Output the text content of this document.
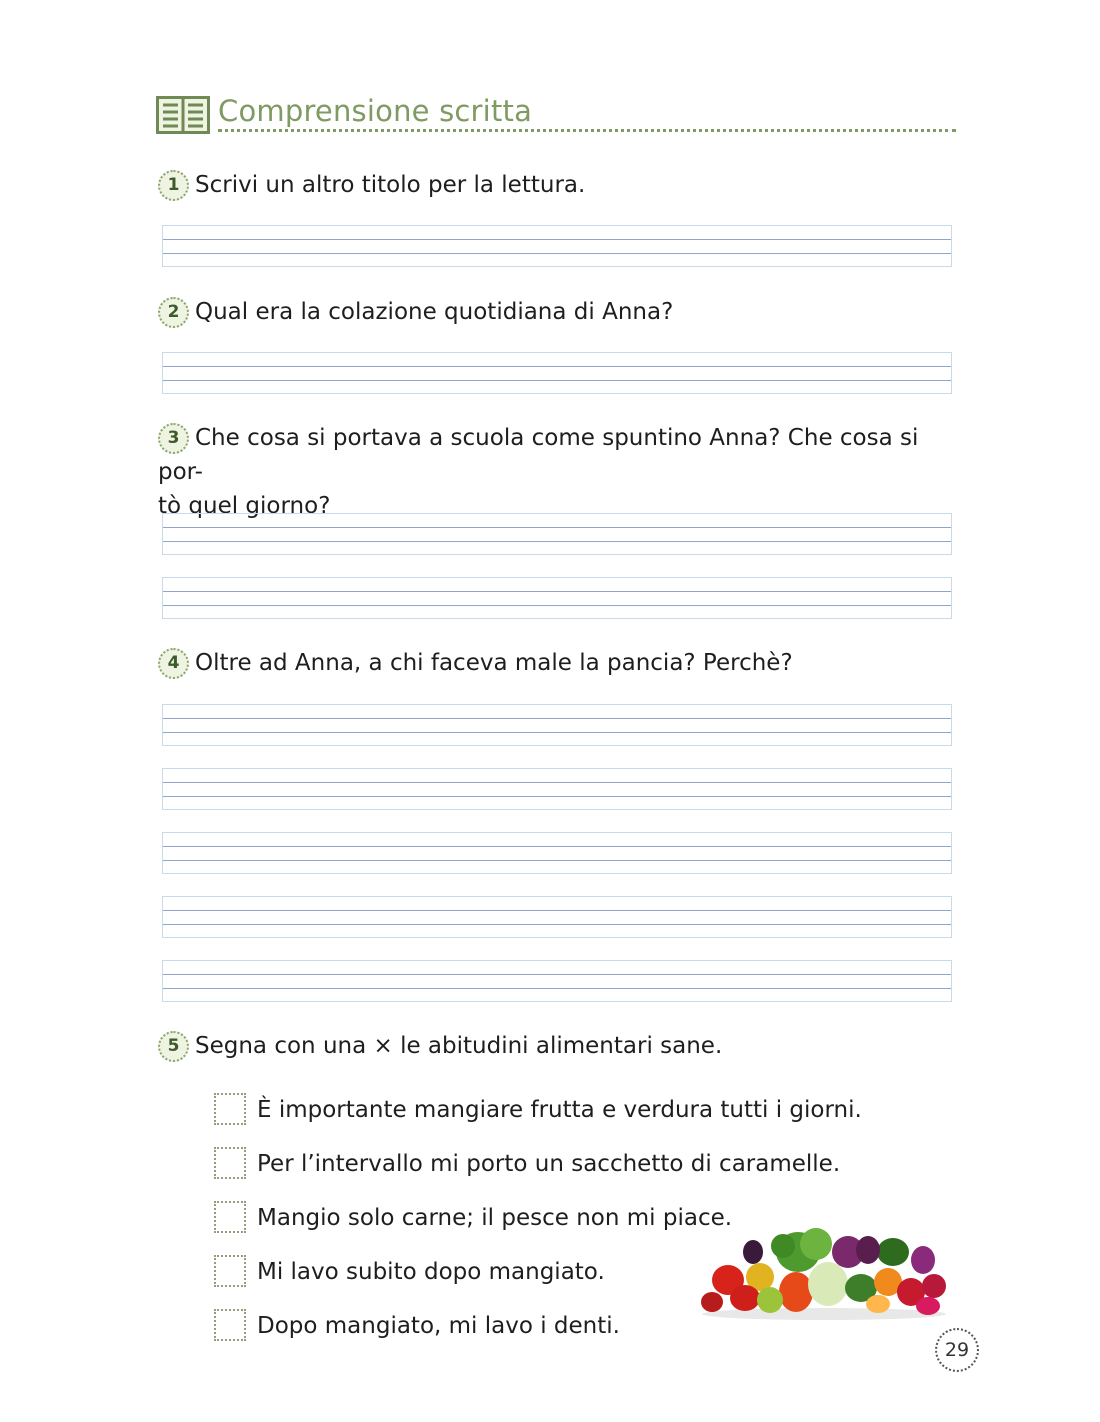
Comprensione scritta
1 Scrivi un altro titolo per la lettura.
2 Qual era la colazione quotidiana di Anna?
3 Che cosa si portava a scuola come spuntino Anna? Che cosa si por-
tò quel giorno?
4 Oltre ad Anna, a chi faceva male la pancia? Perchè?
5 Segna con una × le abitudini alimentari sane.
È importante mangiare frutta e verdura tutti i giorni.
Per l’intervallo mi porto un sacchetto di caramelle.
Mangio solo carne; il pesce non mi piace.
Mi lavo subito dopo mangiato.
Dopo mangiato, mi lavo i denti.
29
